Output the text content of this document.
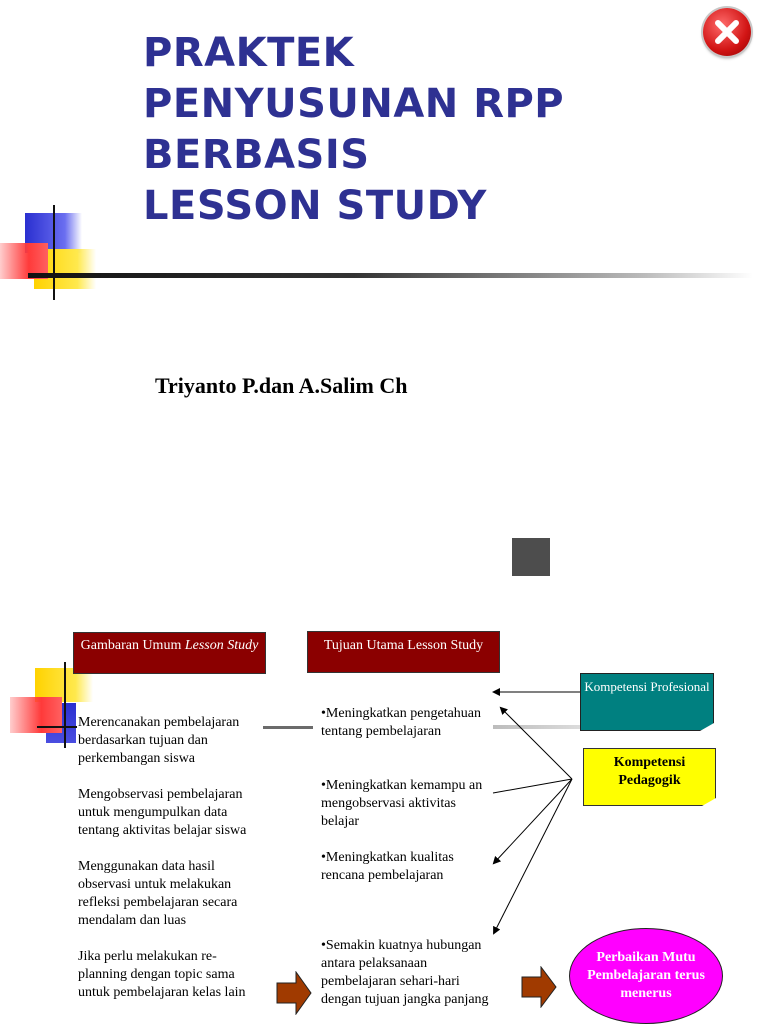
PRAKTEK
PENYUSUNAN RPP
BERBASIS
LESSON STUDY
Triyanto P.dan A.Salim Ch
Gambaran Umum Lesson Study	Tujuan Utama Lesson Study

Merencanakan pembelajaran berdasarkan tujuan dan perkembangan siswa

Mengobservasi pembelajaran untuk mengumpulkan data tentang aktivitas belajar siswa

Menggunakan data hasil observasi untuk melakukan refleksi pembelajaran secara mendalam dan luas

Jika perlu melakukan re-planning dengan topic sama untuk pembelajaran kelas lain

•Meningkatkan pengetahuan tentang pembelajaran

•Meningkatkan kemampu an mengobservasi aktivitas belajar

•Meningkatkan kualitas rencana pembelajaran

•Semakin kuatnya hubungan antara pelaksanaan pembelajaran sehari-hari dengan tujuan jangka panjang

Kompetensi Profesional
Kompetensi Pedagogik
Perbaikan Mutu Pembelajaran terus menerus
